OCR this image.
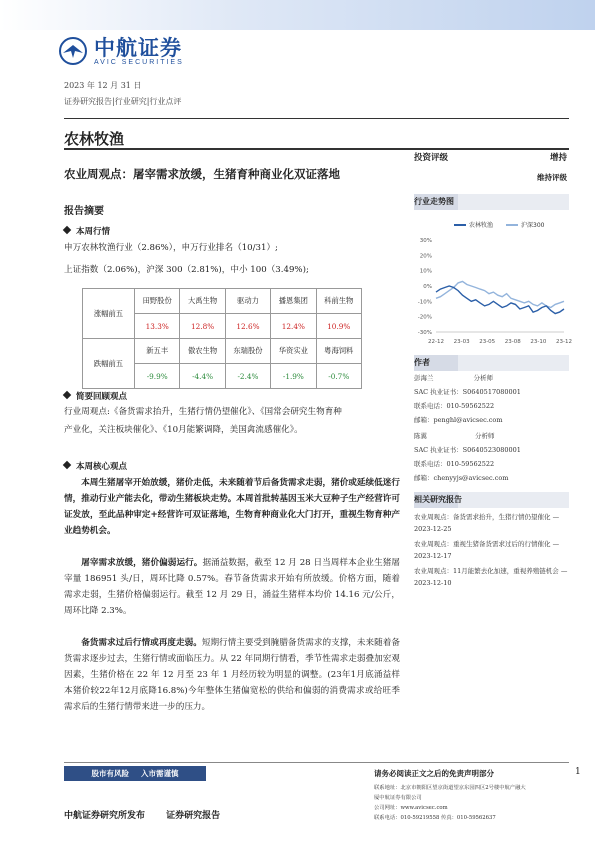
中航证券
AVIC SECURITIES
2023 年 12 月 31 日
证券研究报告|行业研究|行业点评
农林牧渔
农业周观点：屠宰需求放缓，生猪育种商业化双证落地
报告摘要
本周行情
申万农林牧渔行业（2.86%），申万行业排名（10/31）;
上证指数（2.06%)，沪深 300（2.81%)，中小 100（3.49%);
涨幅前五	田野股份	大禹生物	驱动力	播恩集团	科前生物
	13.3%	12.8%	12.6%	12.4%	10.9%
跌幅前五	新五丰	傲农生物	东瑞股份	华资实业	粤海饲料
	-9.9%	-4.4%	-2.4%	-1.9%	-0.7%
简要回顾观点
行业周观点:《备货需求抬升，生猪行情仍望催化》、《国常会研究生物育种
产业化，关注板块催化》、《10月能繁调降，美国禽流感催化》。
本周核心观点
本周生猪屠宰开始放缓，猪价走低，未来随着节后备货需求走弱，猪价或延续低迷行情，推动行业产能去化，带动生猪板块走势。本周首批转基因玉米大豆种子生产经营许可证发放，至此品种审定+经营许可双证落地，生物育种商业化大门打开，重视生物育种产业趋势机会。
屠宰需求放缓，猪价偏弱运行。据涌益数据，截至 12 月 28 日当周样本企业生猪屠宰量 186951 头/日，周环比降 0.57%。春节备货需求开始有所放缓。价格方面，随着需求走弱，生猪价格偏弱运行。截至 12 月 29 日，涌益生猪样本均价 14.16 元/公斤，周环比降 2.3%。
备货需求过后行情或再度走弱。短期行情主要受到腌腊备货需求的支撑，未来随着备货需求逐步过去，生猪行情或面临压力。从 22 年同期行情看，季节性需求走弱叠加宏观因素，生猪价格在 22 年 12 月至 23 年 1 月经历较为明显的调整。(23年1月底涌益样本猪价较22年12月底降16.8%)今年整体生猪偏宽松的供给和偏弱的消费需求或给旺季需求后的生猪行情带来进一步的压力。
投资评级	增持
维持评级
行业走势图
农林牧渔	沪深300
30%
20%
10%
0%
-10%
-20%
-30%
22-12 23-03 23-05 23-08 23-10 23-12
作者
彭海兰	分析师
SAC 执业证书：S0640517080001
联系电话：010-59562522
邮箱：penghl@avicsec.com
陈翼	分析师
SAC 执业证书：S0640523080001
联系电话：010-59562522
邮箱：chenyyjs@avicsec.com
相关研究报告
农业周观点：备货需求抬升，生猪行情仍望催化 —2023-12-25
农业周观点：重视生猪备货需求过后的行情催化 —2023-12-17
农业周观点：11月能繁去化加速，重视养殖链机会 —2023-12-10
股市有风险 入市需谨慎	请务必阅读正文之后的免责声明部分	1
联系地址：北京市朝阳区望京街道望京东园四区2号楼中航产融大
厦中航证券有限公司
公司网址：www.avicsec.com
联系电话：010-59219558 传真：010-59562637
中航证券研究所发布 证券研究报告
